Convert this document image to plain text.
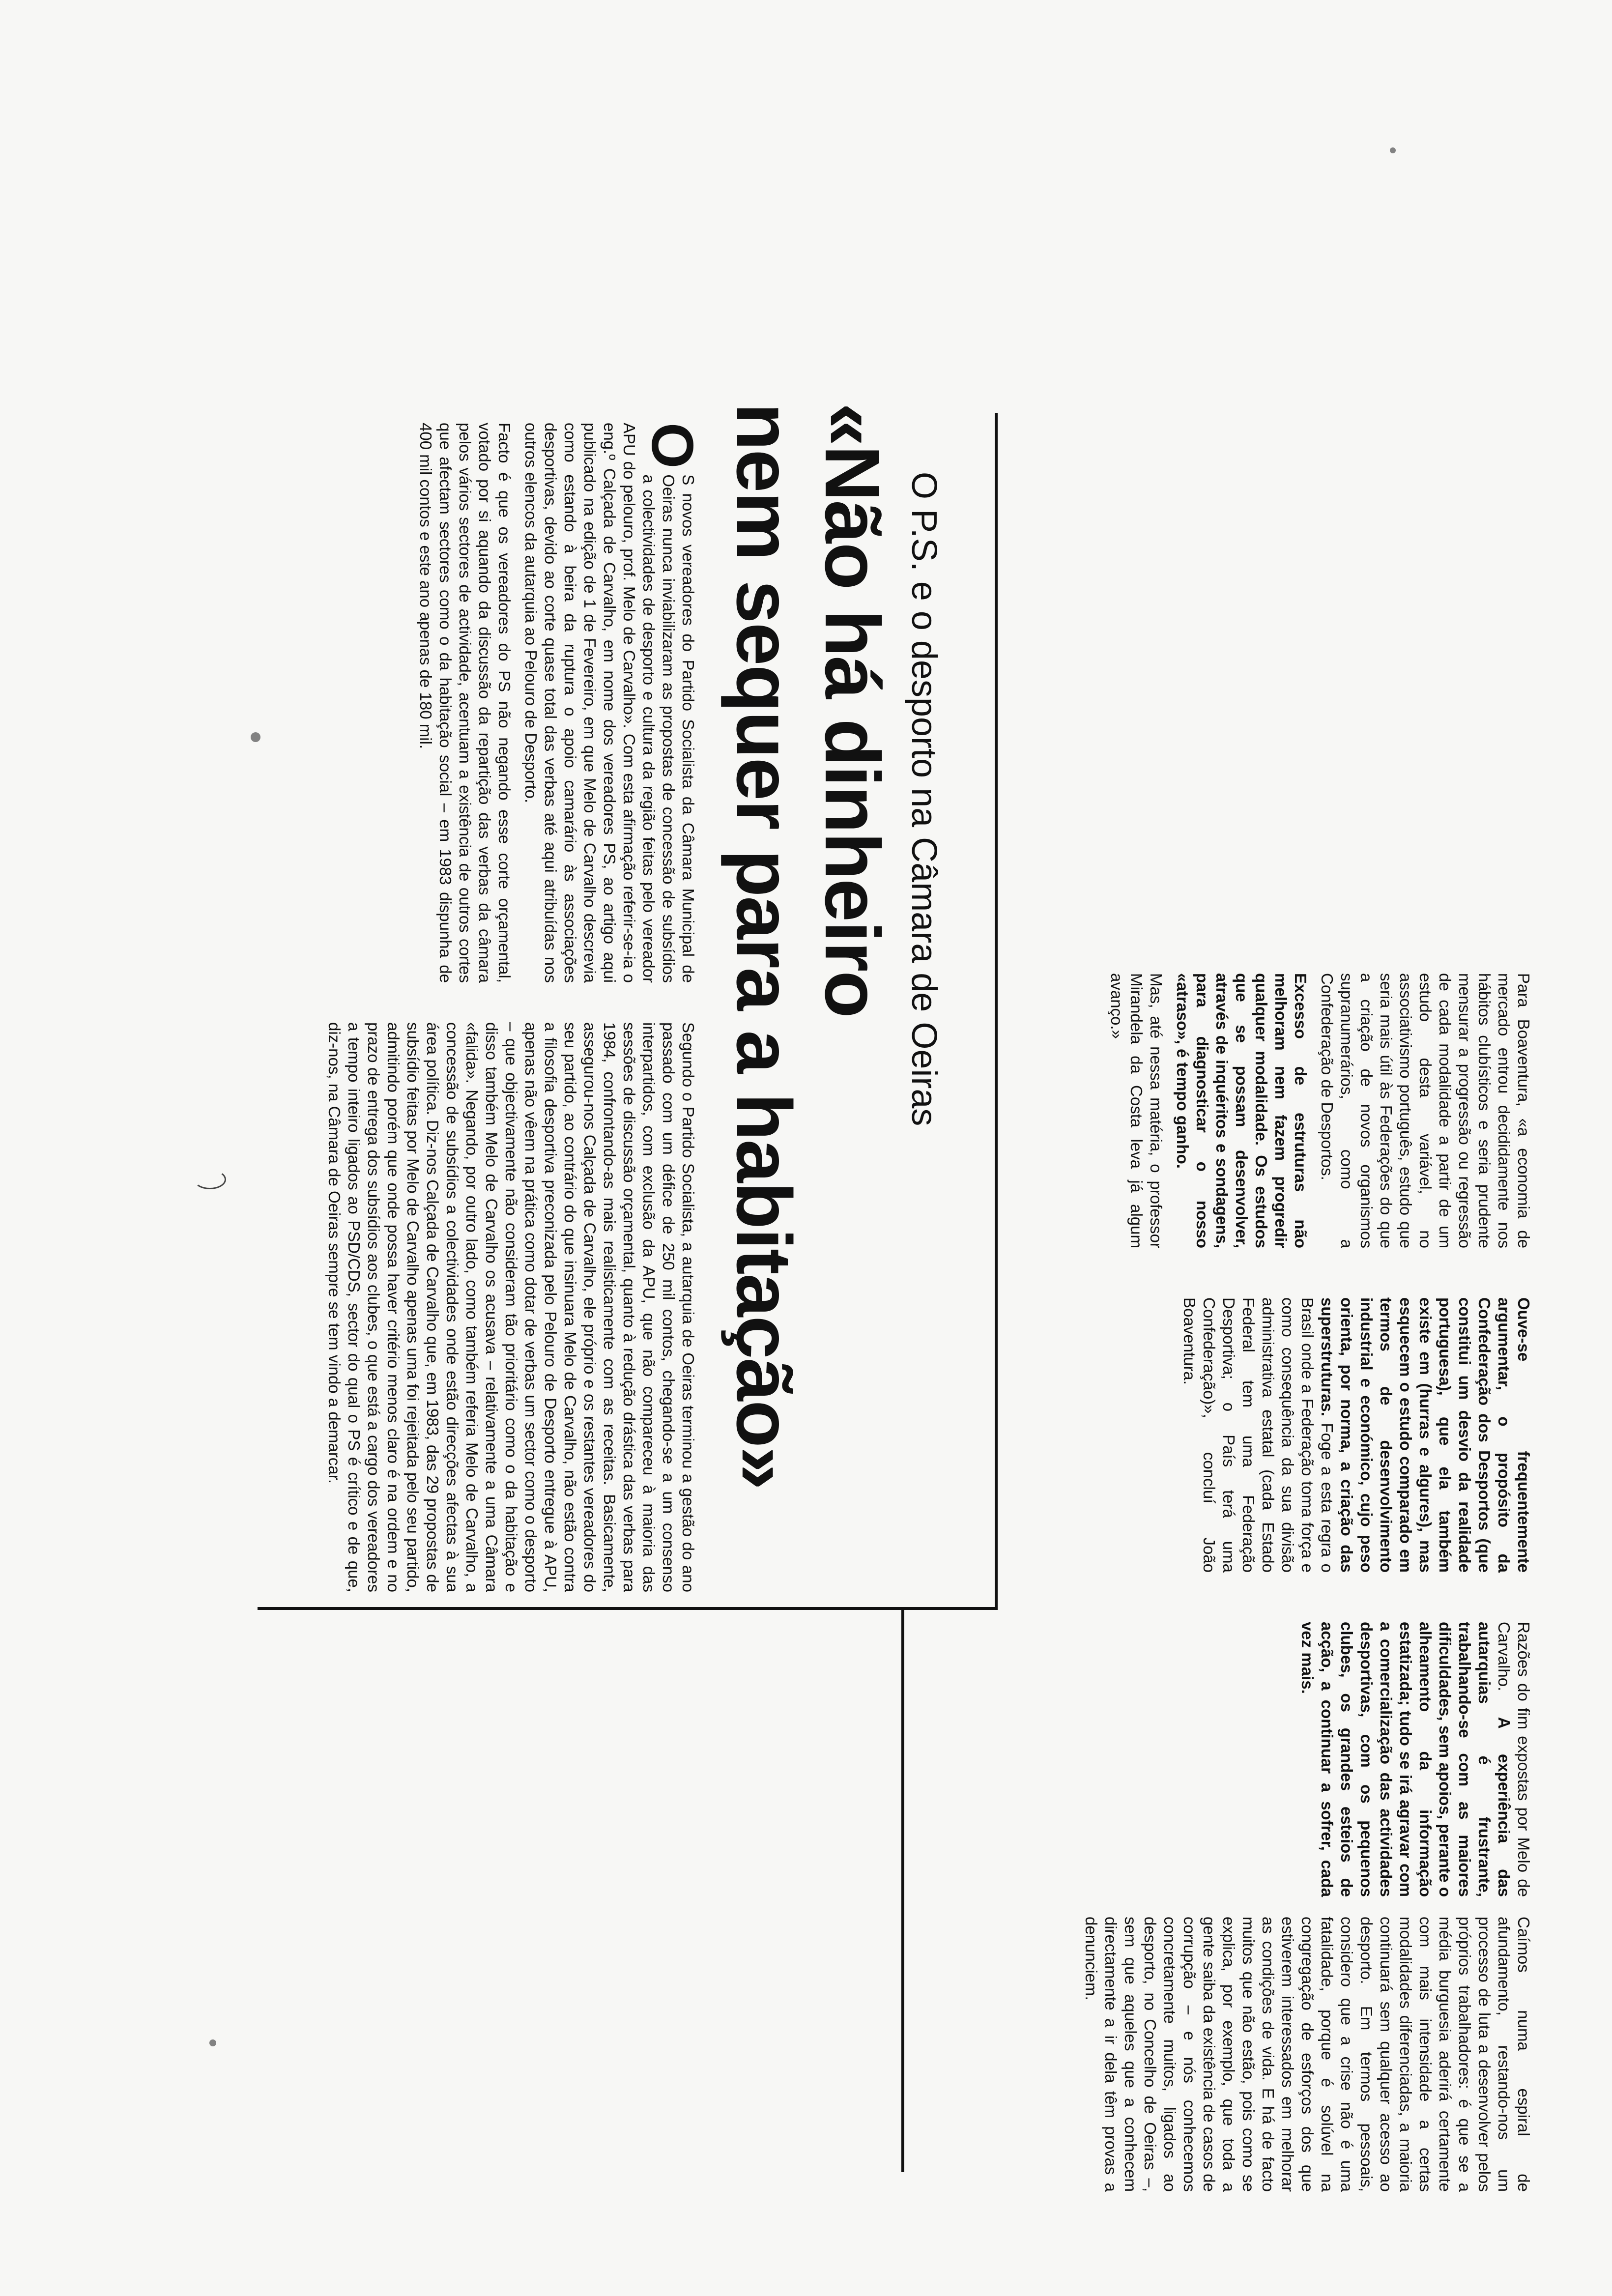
Para Boaventura, «a economia de mercado entrou decididamente nos hábitos clubísticos e seria prudente mensurar a progressão ou regressão de cada modalidade a partir de um estudo desta variável, no associativismo português, estudo que seria mais útil às Federações do que a criação de novos organismos supranumerários, como a Confederação de Desportos.

Excesso de estruturas não melhoram nem fazem progredir qualquer modalidade. Os estudos que se possam desenvolver, através de inquéritos e sondagens, para diagnosticar o nosso «atraso», é tempo ganho.

Mas, até nessa matéria, o professor Mirandela da Costa leva já algum avanço.»

Ouve-se frequentemente argumentar, o propósito da Confederação dos Desportos (que constitui um desvio da realidade portuguesa), que ela também existe em (hurras e algures), mas esquecem o estudo comparado em termos de desenvolvimento industrial e económico, cujo peso orienta, por norma, a criação das superstruturas. Foge a esta regra o Brasil onde a Federação toma força e como consequência da sua divisão administrativa estatal (cada Estado Federal tem uma Federação Desportiva; o País terá uma Confederação)», concluí João Boaventura.

Razões do fim expostas por Melo de Carvalho. A experiência das autarquias é frustrante, trabalhando-se com as maiores dificuldades, sem apoios, perante o alheamento da informação estatizada; tudo se irá agravar com a comercialização das actividades desportivas, com os pequenos clubes, os grandes esteios de acção, a continuar a sofrer, cada vez mais.

Caímos numa espiral de afundamento, restando-nos um processo de luta a desenvolver pelos próprios trabalhadores: é que se a média burguesia aderirá certamente com mais intensidade a certas modalidades diferenciadas, a maioria continuará sem qualquer acesso ao desporto. Em termos pessoais, considero que a crise não é uma fatalidade, porque é solúvel na congregação de esforços dos que estiverem interessados em melhorar as condições de vida. E há de facto muitos que não estão, pois como se explica, por exemplo, que toda a gente saiba da existência de casos de corrupção – e nós conhecemos concretamente muitos, ligados ao desporto, no Concelho de Oeiras –, sem que aqueles que a conhecem directamente a ir dela têm provas a denunciem.

O P.S. e o desporto na Câmara de Oeiras
«Não há dinheiro
nem sequer para a habitação»

O
S novos vereadores do Partido Socialista da Câmara Municipal de Oeiras nunca inviabilizaram as propostas de concessão de subsídios a colectividades de desporto e cultura da região feitas pelo vereador APU do pelouro, prof. Melo de Carvalho». Com esta afirmação referir-se-ia o eng.º Calçada de Carvalho, em nome dos vereadores PS, ao artigo aqui publicado na edição de 1 de Fevereiro, em que Melo de Carvalho descrevia como estando à beira da ruptura o apoio camarário às associações desportivas, devido ao corte quase total das verbas até aqui atribuídas nos outros elencos da autarquia ao Pelouro de Desporto.

Facto é que os vereadores do PS não negando esse corte orçamental, votado por si aquando da discussão da repartição das verbas da câmara pelos vários sectores de actividade, acentuam a existência de outros cortes que afectam sectores como o da habitação social – em 1983 dispunha de 400 mil contos e este ano apenas de 180 mil.

Segundo o Partido Socialista, a autarquia de Oeiras terminou a gestão do ano passado com um défice de 250 mil contos, chegando-se a um consenso interpartidos, com exclusão da APU, que não compareceu à maioria das sessões de discussão orçamental, quanto à redução drástica das verbas para 1984, confrontando-as mais realisticamente com as receitas. Basicamente, assegurou-nos Calçada de Carvalho, ele próprio e os restantes vereadores do seu partido, ao contrário do que insinuara Melo de Carvalho, não estão contra a filosofia desportiva preconizada pelo Pelouro de Desporto entregue à APU, apenas não vêem na prática como dotar de verbas um sector como o desporto – que objectivamente não consideram tão prioritário como o da habitação e disso também Melo de Carvalho os acusava – relativamente a uma Câmara «falida». Negando, por outro lado, como também referia Melo de Carvalho, a concessão de subsídios a colectividades onde estão direcções afectas à sua área política. Diz-nos Calçada de Carvalho que, em 1983, das 29 propostas de subsídio feitas por Melo de Carvalho apenas uma foi rejeitada pelo seu partido, admitindo porém que onde possa haver critério menos claro é na ordem e no prazo de entrega dos subsídios aos clubes, o que está a cargo dos vereadores a tempo inteiro ligados ao PSD/CDS, sector do qual o PS é crítico e de que, diz-nos, na Câmara de Oeiras sempre se tem vindo a demarcar.
